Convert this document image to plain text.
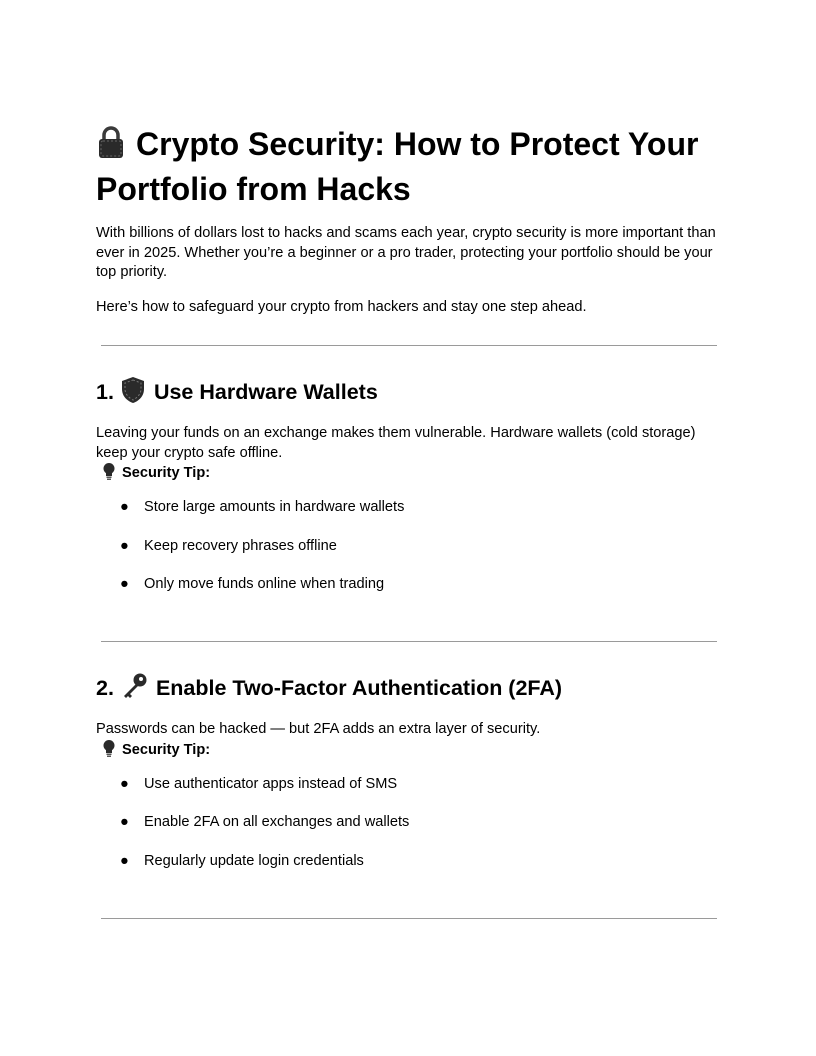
Crypto Security: How to Protect Your Portfolio from Hacks

With billions of dollars lost to hacks and scams each year, crypto security is more important than ever in 2025. Whether you’re a beginner or a pro trader, protecting your portfolio should be your top priority.

Here’s how to safeguard your crypto from hackers and stay one step ahead.

1. Use Hardware Wallets

Leaving your funds on an exchange makes them vulnerable. Hardware wallets (cold storage) keep your crypto safe offline.

Security Tip:
● Store large amounts in hardware wallets
● Keep recovery phrases offline
● Only move funds online when trading
2. Enable Two-Factor Authentication (2FA)

Passwords can be hacked — but 2FA adds an extra layer of security.

Security Tip:
● Use authenticator apps instead of SMS
● Enable 2FA on all exchanges and wallets
● Regularly update login credentials
